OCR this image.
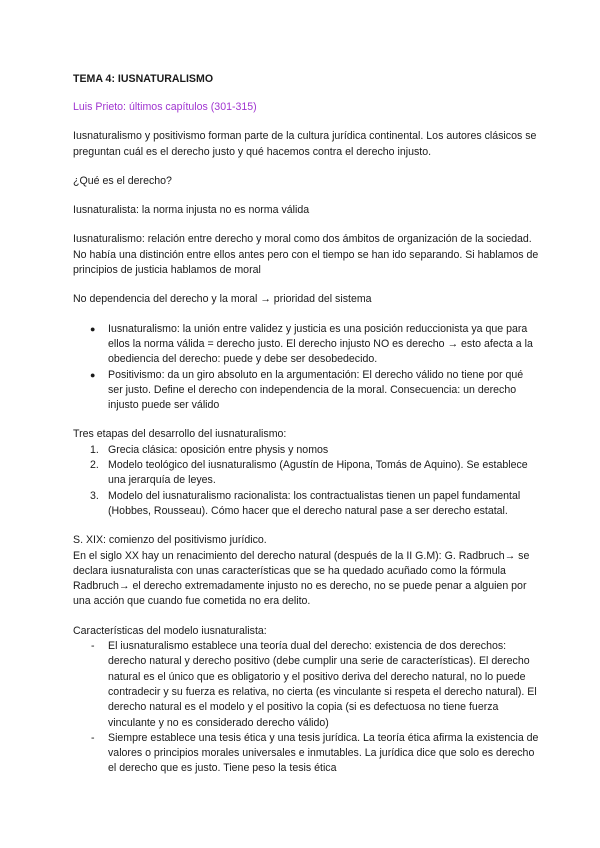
TEMA 4: IUSNATURALISMO
Luis Prieto: últimos capítulos (301-315)

Iusnaturalismo y positivismo forman parte de la cultura jurídica continental. Los autores clásicos se preguntan cuál es el derecho justo y qué hacemos contra el derecho injusto.

¿Qué es el derecho?

Iusnaturalista: la norma injusta no es norma válida

Iusnaturalismo: relación entre derecho y moral como dos ámbitos de organización de la sociedad. No había una distinción entre ellos antes pero con el tiempo se han ido separando. Si hablamos de principios de justicia hablamos de moral

No dependencia del derecho y la moral → prioridad del sistema

● Iusnaturalismo: la unión entre validez y justicia es una posición reduccionista ya que para ellos la norma válida = derecho justo. El derecho injusto NO es derecho → esto afecta a la obediencia del derecho: puede y debe ser desobedecido.
● Positivismo: da un giro absoluto en la argumentación: El derecho válido no tiene por qué ser justo. Define el derecho con independencia de la moral. Consecuencia: un derecho injusto puede ser válido

Tres etapas del desarrollo del iusnaturalismo:

1. Grecia clásica: oposición entre physis y nomos
2. Modelo teológico del iusnaturalismo (Agustín de Hipona, Tomás de Aquino). Se establece una jerarquía de leyes.
3. Modelo del iusnaturalismo racionalista: los contractualistas tienen un papel fundamental (Hobbes, Rousseau). Cómo hacer que el derecho natural pase a ser derecho estatal.

S. XIX: comienzo del positivismo jurídico.

En el siglo XX hay un renacimiento del derecho natural (después de la II G.M): G. Radbruch→ se declara iusnaturalista con unas características que se ha quedado acuñado como la fórmula Radbruch→ el derecho extremadamente injusto no es derecho, no se puede penar a alguien por una acción que cuando fue cometida no era delito.

Características del modelo iusnaturalista:

- El iusnaturalismo establece una teoría dual del derecho: existencia de dos derechos: derecho natural y derecho positivo (debe cumplir una serie de características). El derecho natural es el único que es obligatorio y el positivo deriva del derecho natural, no lo puede contradecir y su fuerza es relativa, no cierta (es vinculante si respeta el derecho natural). El derecho natural es el modelo y el positivo la copia (si es defectuosa no tiene fuerza vinculante y no es considerado derecho válido)
- Siempre establece una tesis ética y una tesis jurídica. La teoría ética afirma la existencia de valores o principios morales universales e inmutables. La jurídica dice que solo es derecho el derecho que es justo. Tiene peso la tesis ética
